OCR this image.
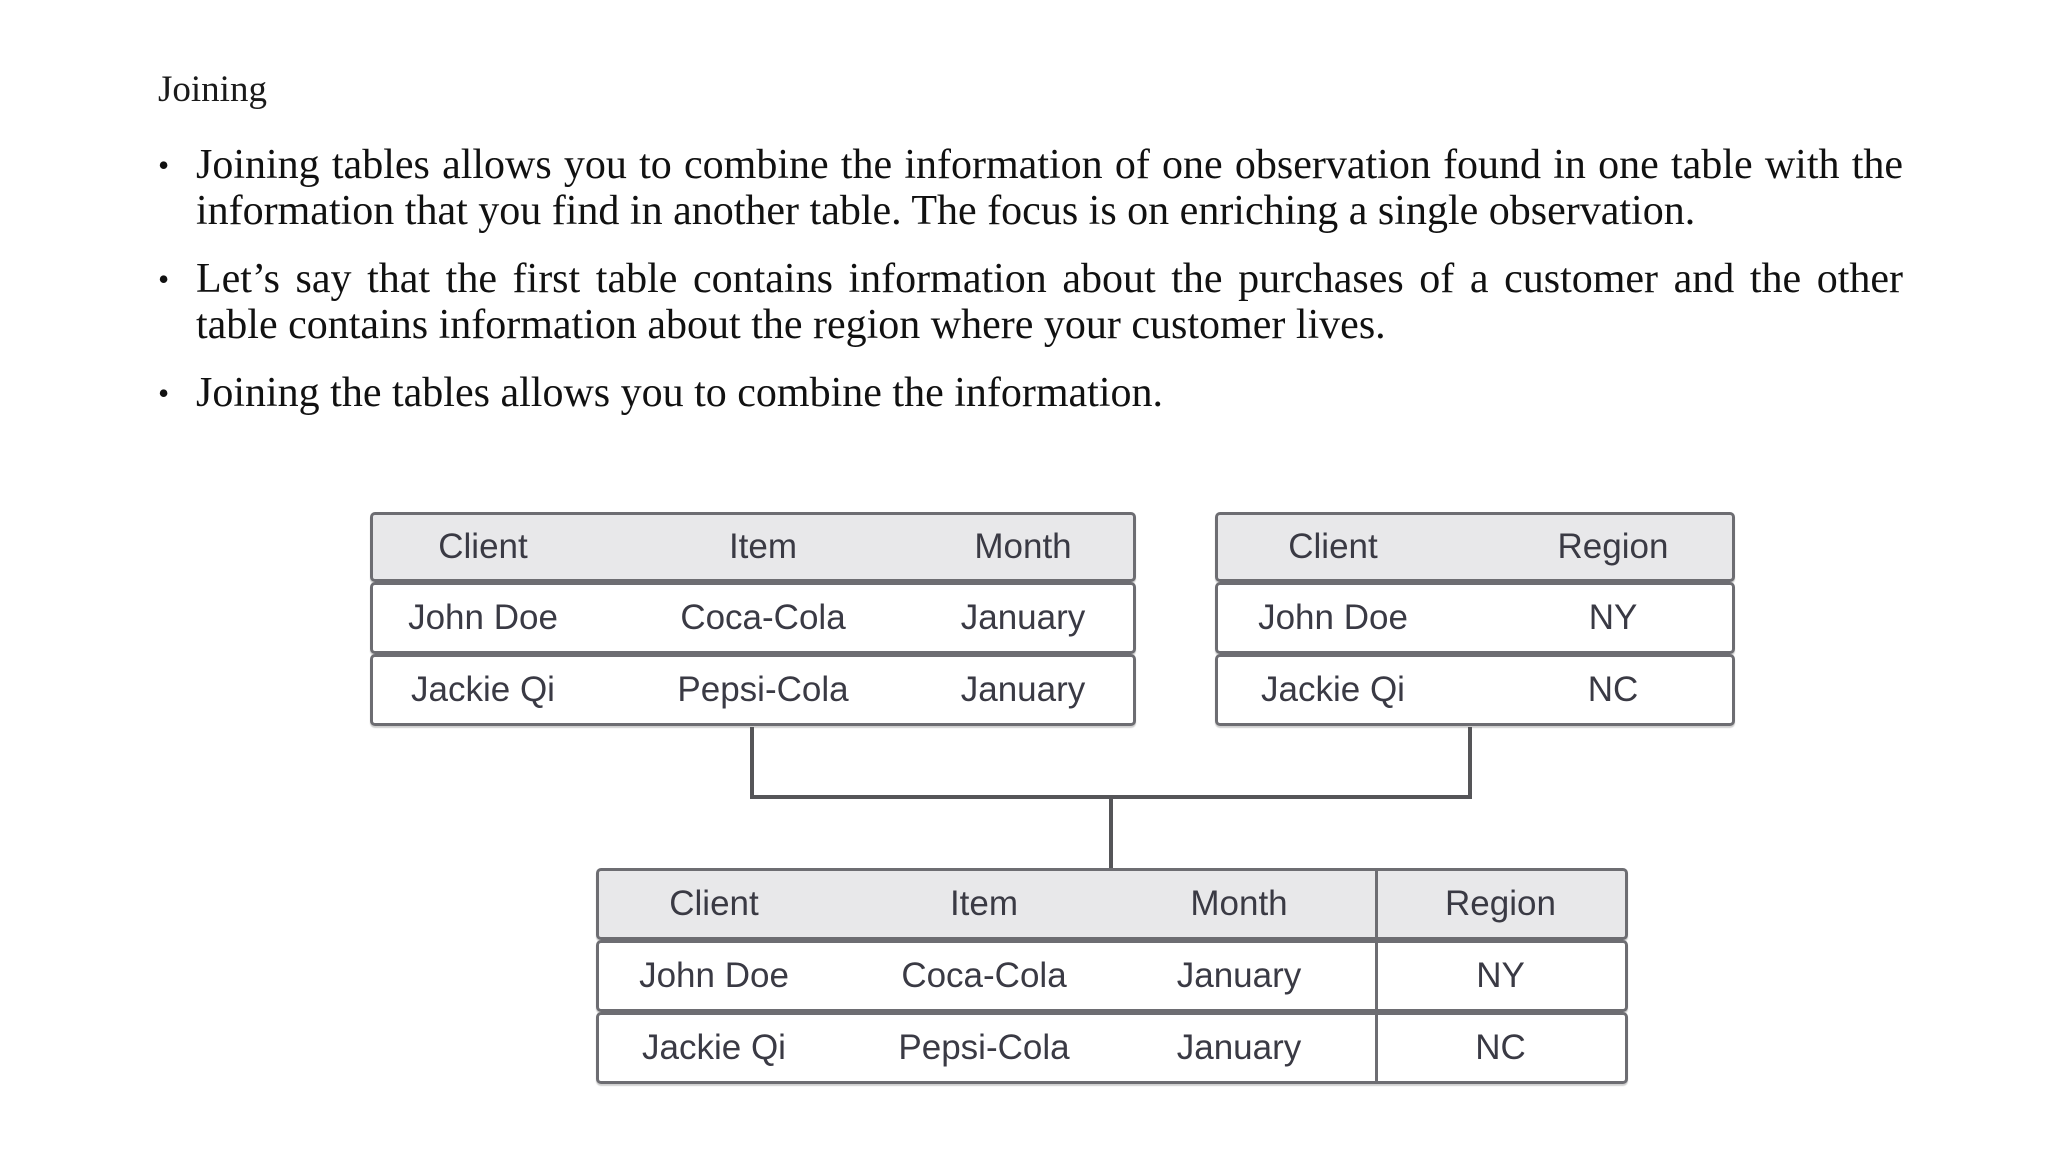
Joining
• Joining tables allows you to combine the information of one observation found in one table with the information that you find in another table. The focus is on enriching a single observation.
• Let’s say that the first table contains information about the purchases of a customer and the other table contains information about the region where your customer lives.
• Joining the tables allows you to combine the information.
Client	Item	Month
John Doe	Coca-Cola	January
Jackie Qi	Pepsi-Cola	January
Client	Region
John Doe	NY
Jackie Qi	NC
Client	Item	Month	Region
John Doe	Coca-Cola	January	NY
Jackie Qi	Pepsi-Cola	January	NC
